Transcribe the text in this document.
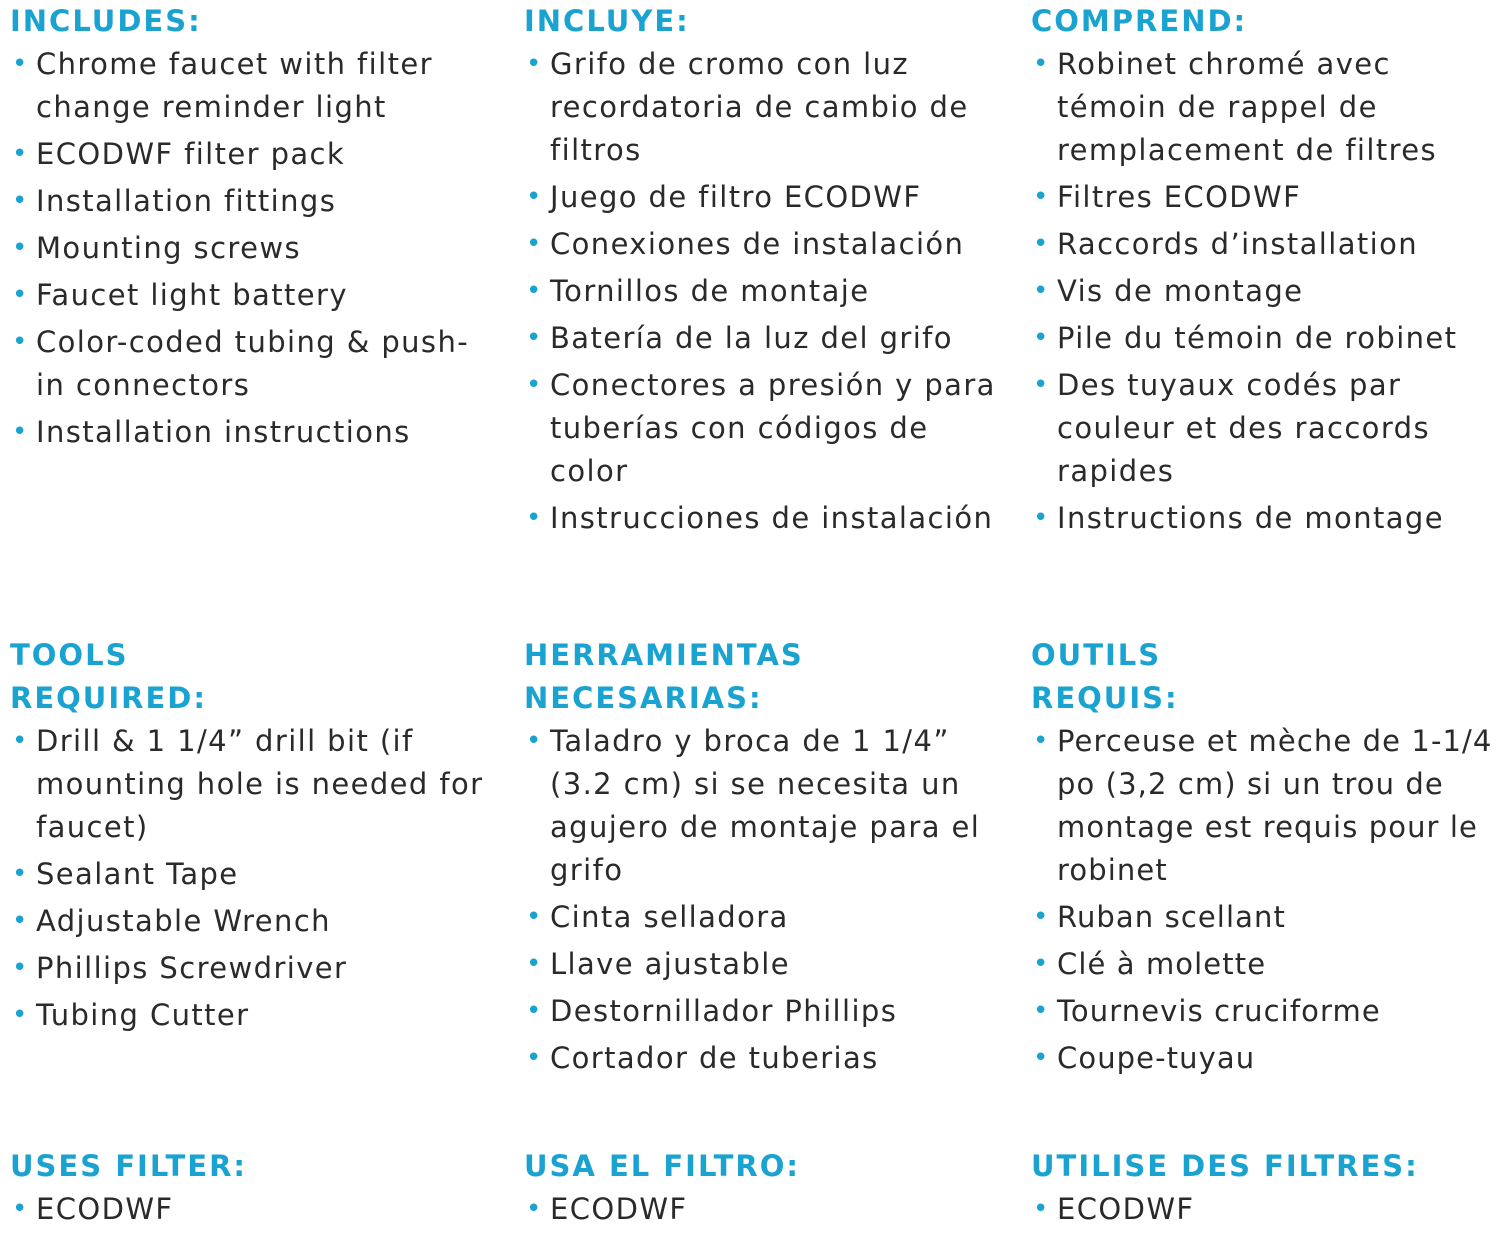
INCLUDES:
• Chrome faucet with filter change reminder light
• ECODWF filter pack
• Installation fittings
• Mounting screws
• Faucet light battery
• Color-coded tubing & push-in connectors
• Installation instructions
INCLUYE:
• Grifo de cromo con luz recordatoria de cambio de filtros
• Juego de filtro ECODWF
• Conexiones de instalación
• Tornillos de montaje
• Batería de la luz del grifo
• Conectores a presión y para tuberías con códigos de color
• Instrucciones de instalación
COMPREND:
• Robinet chromé avec témoin de rappel de remplacement de filtres
• Filtres ECODWF
• Raccords d’installation
• Vis de montage
• Pile du témoin de robinet
• Des tuyaux codés par couleur et des raccords rapides
• Instructions de montage
TOOLS
REQUIRED:
• Drill & 1 1/4” drill bit (if mounting hole is needed for faucet)
• Sealant Tape
• Adjustable Wrench
• Phillips Screwdriver
• Tubing Cutter
HERRAMIENTAS
NECESARIAS:
• Taladro y broca de 1 1/4” (3.2 cm) si se necesita un agujero de montaje para el grifo
• Cinta selladora
• Llave ajustable
• Destornillador Phillips
• Cortador de tuberias
OUTILS
REQUIS:
• Perceuse et mèche de 1-1/4 po (3,2 cm) si un trou de montage est requis pour le robinet
• Ruban scellant
• Clé à molette
• Tournevis cruciforme
• Coupe-tuyau
USES FILTER:
• ECODWF
USA EL FILTRO:
• ECODWF
UTILISE DES FILTRES:
• ECODWF
